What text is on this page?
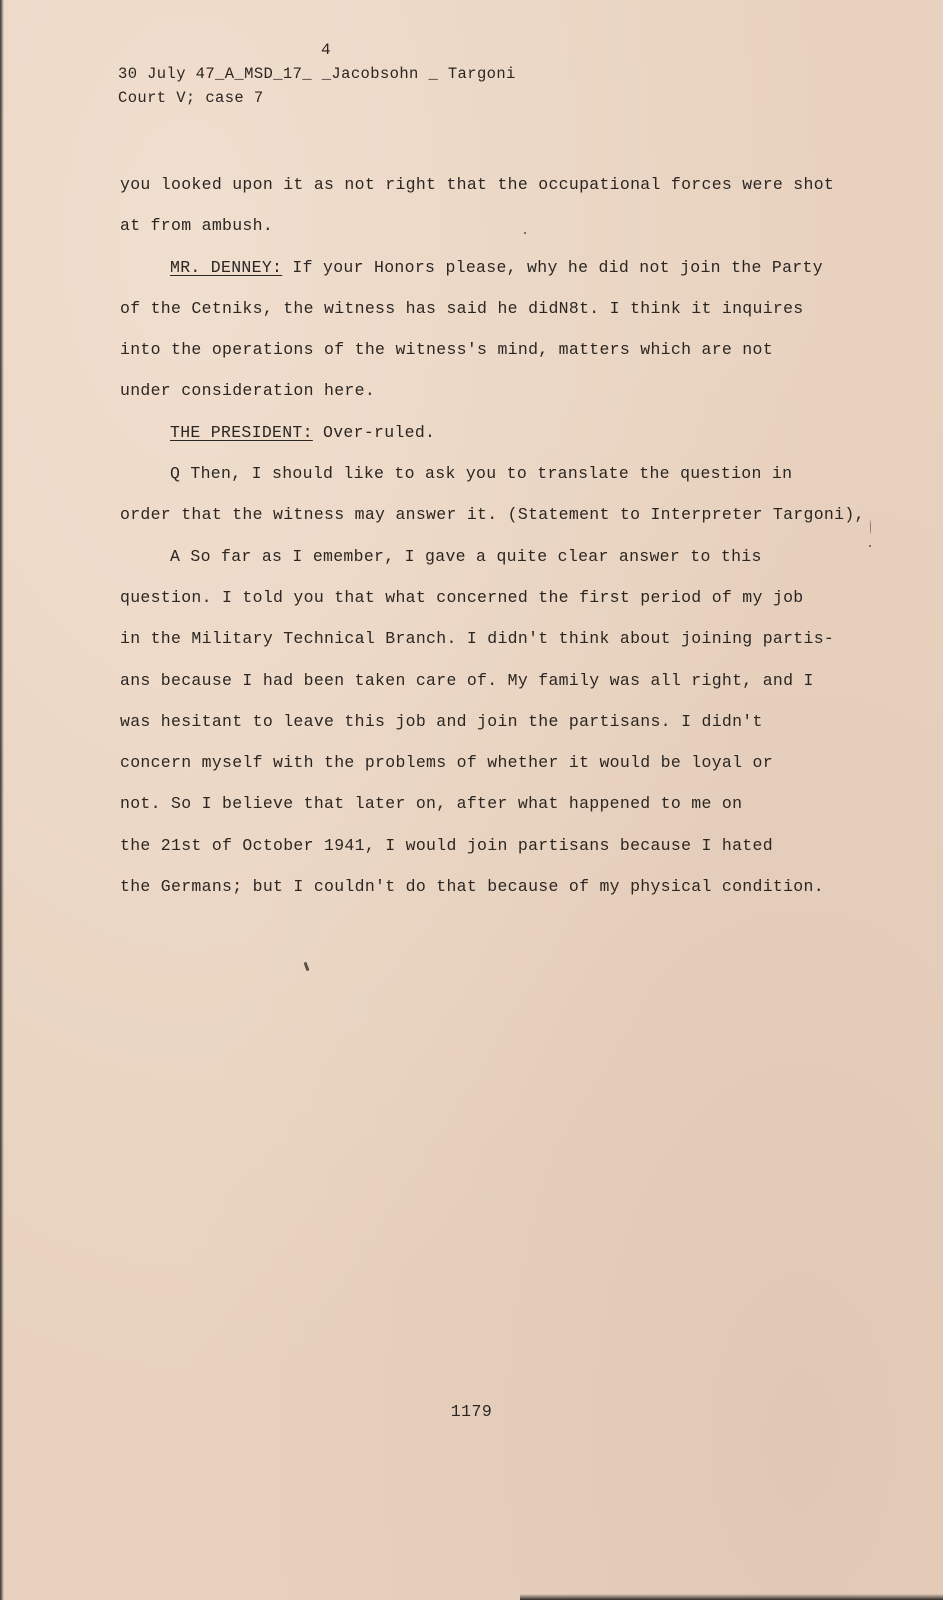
4
30 July 47_A_MSD_17_ _Jacobsohn _ Targoni
Court V; case 7
you looked upon it as not right that the occupational forces were shot
at from ambush.
MR. DENNEY: If your Honors please, why he did not join the Party
of the Cetniks, the witness has said he didN8t. I think it inquires
into the operations of the witness's mind, matters which are not
under consideration here.
THE PRESIDENT: Over-ruled.
Q Then, I should like to ask you to translate the question in
order that the witness may answer it. (Statement to Interpreter Targoni),
A So far as I emember, I gave a quite clear answer to this
question. I told you that what concerned the first period of my job
in the Military Technical Branch. I didn't think about joining partis-
ans because I had been taken care of. My family was all right, and I
was hesitant to leave this job and join the partisans. I didn't
concern myself with the problems of whether it would be loyal or
not. So I believe that later on, after what happened to me on
the 21st of October 1941, I would join partisans because I hated
the Germans; but I couldn't do that because of my physical condition.
1179
